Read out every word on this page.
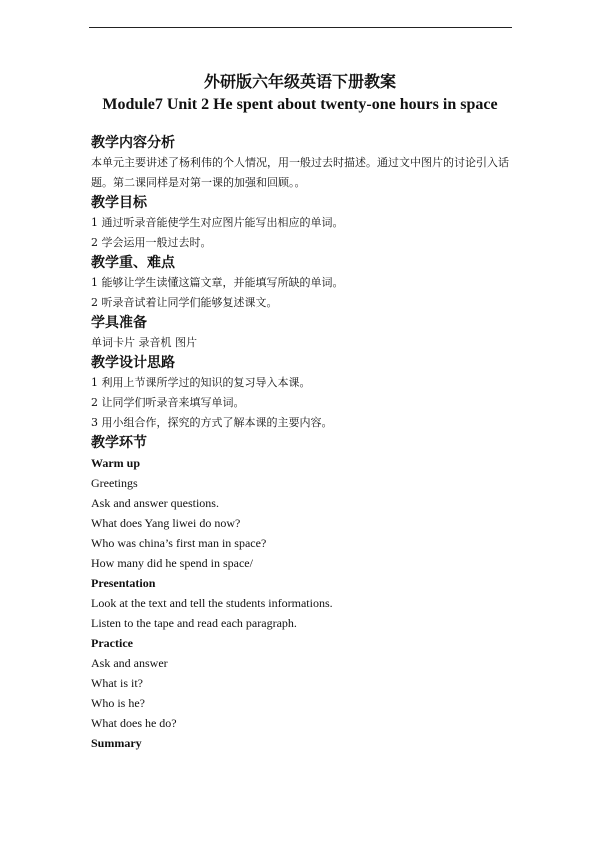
外研版六年级英语下册教案
Module7 Unit 2 He spent about twenty-one hours in space
教学内容分析
本单元主要讲述了杨利伟的个人情况，用一般过去时描述。通过文中图片的讨论引入话题。第二课同样是对第一课的加强和回顾。。
教学目标
1 通过听录音能使学生对应图片能写出相应的单词。
2 学会运用一般过去时。
教学重、难点
1 能够让学生读懂这篇文章，并能填写所缺的单词。
2 听录音试着让同学们能够复述课文。
学具准备
单词卡片 录音机 图片
教学设计思路
1 利用上节课所学过的知识的复习导入本课。
2 让同学们听录音来填写单词。
3 用小组合作，探究的方式了解本课的主要内容。
教学环节
Warm up
Greetings
Ask and answer questions.
What does Yang liwei do now?
Who was china’s first man in space?
How many did he spend in space/
Presentation
Look at the text and tell the students informations.
Listen to the tape and read each paragraph.
Practice
Ask and answer
What is it?
Who is he?
What does he do?
Summary
